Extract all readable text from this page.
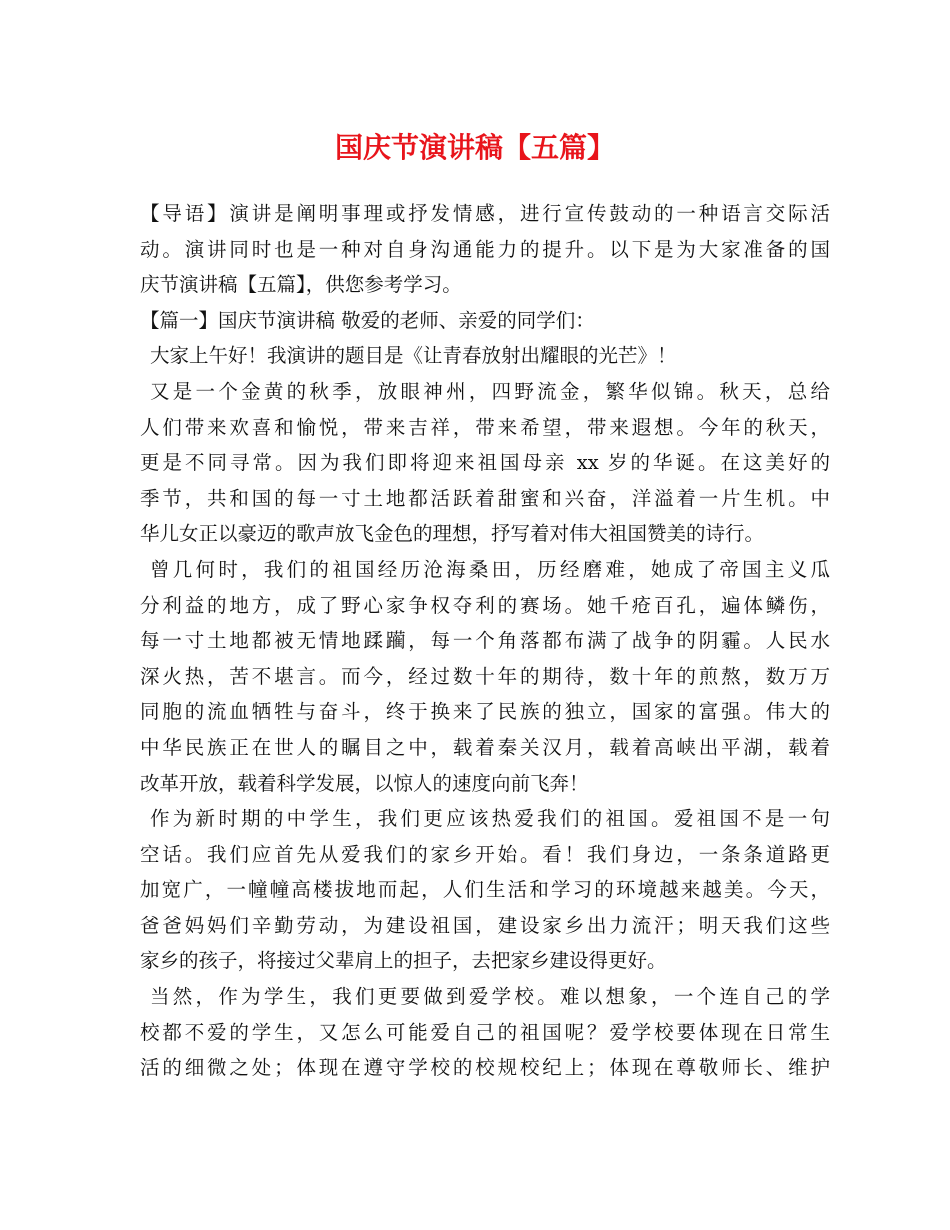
国庆节演讲稿【五篇】
【导语】演讲是阐明事理或抒发情感，进行宣传鼓动的一种语言交际活
动。演讲同时也是一种对自身沟通能力的提升。以下是为大家准备的国
庆节演讲稿【五篇】，供您参考学习。
【篇一】国庆节演讲稿 敬爱的老师、亲爱的同学们：
大家上午好！我演讲的题目是《让青春放射出耀眼的光芒》！
又是一个金黄的秋季，放眼神州，四野流金，繁华似锦。秋天，总给
人们带来欢喜和愉悦，带来吉祥，带来希望，带来遐想。今年的秋天，
更是不同寻常。因为我们即将迎来祖国母亲 xx 岁的华诞。在这美好的
季节，共和国的每一寸土地都活跃着甜蜜和兴奋，洋溢着一片生机。中
华儿女正以豪迈的歌声放飞金色的理想，抒写着对伟大祖国赞美的诗行。
曾几何时，我们的祖国经历沧海桑田，历经磨难，她成了帝国主义瓜
分利益的地方，成了野心家争权夺利的赛场。她千疮百孔，遍体鳞伤，
每一寸土地都被无情地蹂躏，每一个角落都布满了战争的阴霾。人民水
深火热，苦不堪言。而今，经过数十年的期待，数十年的煎熬，数万万
同胞的流血牺牲与奋斗，终于换来了民族的独立，国家的富强。伟大的
中华民族正在世人的瞩目之中，载着秦关汉月，载着高峡出平湖，载着
改革开放，载着科学发展，以惊人的速度向前飞奔！
作为新时期的中学生，我们更应该热爱我们的祖国。爱祖国不是一句
空话。我们应首先从爱我们的家乡开始。看！我们身边，一条条道路更
加宽广，一幢幢高楼拔地而起，人们生活和学习的环境越来越美。今天，
爸爸妈妈们辛勤劳动，为建设祖国，建设家乡出力流汗；明天我们这些
家乡的孩子，将接过父辈肩上的担子，去把家乡建设得更好。
当然，作为学生，我们更要做到爱学校。难以想象，一个连自己的学
校都不爱的学生，又怎么可能爱自己的祖国呢？爱学校要体现在日常生
活的细微之处；体现在遵守学校的校规校纪上；体现在尊敬师长、维护
